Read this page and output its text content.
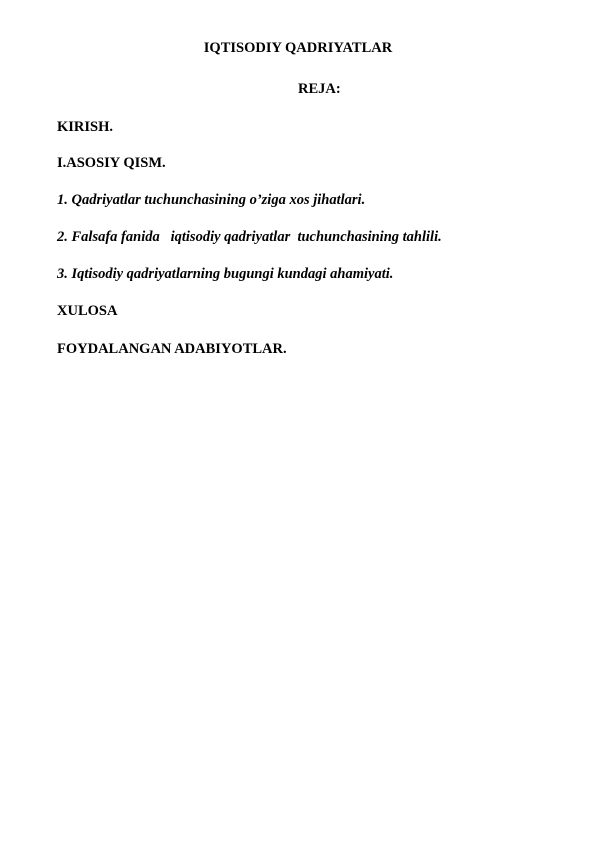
IQTISODIY QADRIYATLAR
REJA:
KIRISH.
I.ASOSIY QISM.
1. Qadriyatlar tuchunchasining o’ziga xos jihatlari.
2. Falsafa fanida   iqtisodiy qadriyatlar  tuchunchasining tahlili.
3. Iqtisodiy qadriyatlarning bugungi kundagi ahamiyati.
XULOSA
FOYDALANGAN ADABIYOTLAR.
